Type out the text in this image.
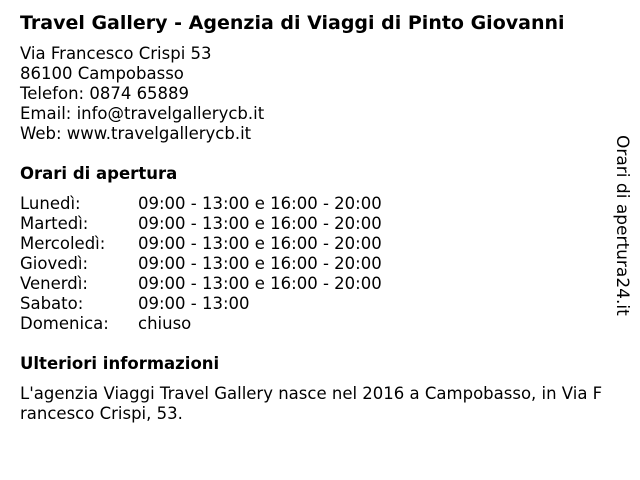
Travel Gallery - Agenzia di Viaggi di Pinto Giovanni
Via Francesco Crispi 53
86100 Campobasso
Telefon: 0874 65889
Email: info@travelgallerycb.it
Web: www.travelgallerycb.it
Orari di apertura
Lunedì:	09:00 - 13:00 e 16:00 - 20:00
Martedì:	09:00 - 13:00 e 16:00 - 20:00
Mercoledì: 09:00 - 13:00 e 16:00 - 20:00
Giovedì:	09:00 - 13:00 e 16:00 - 20:00
Venerdì:	09:00 - 13:00 e 16:00 - 20:00
Sabato:	09:00 - 13:00
Domenica: chiuso
Ulteriori informazioni
L'agenzia Viaggi Travel Gallery nasce nel 2016 a Campobasso, in Via Francesco Crispi, 53.
Orari di apertura24.it
